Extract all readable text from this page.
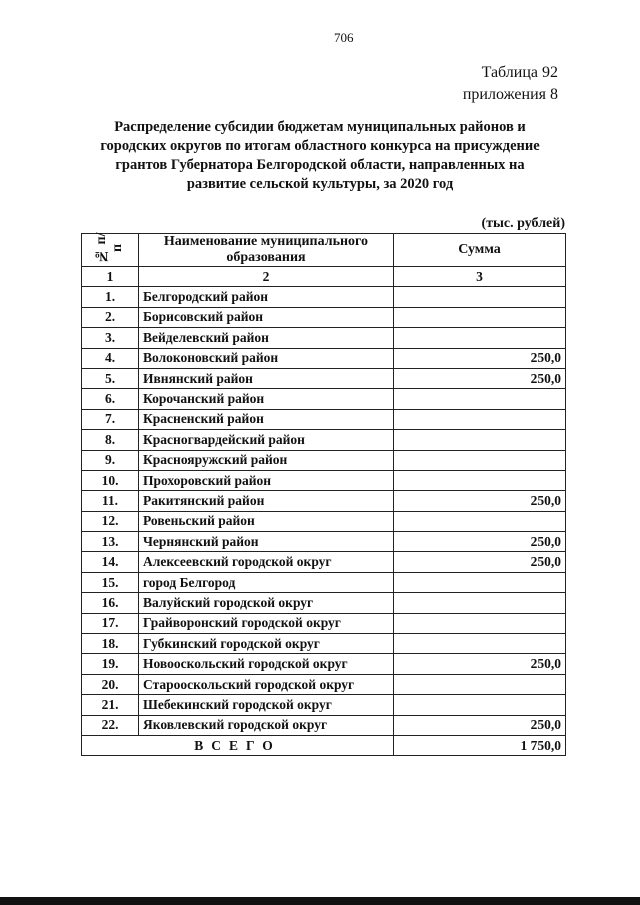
706
Таблица 92
приложения 8
Распределение субсидии бюджетам муниципальных районов и городских округов по итогам областного конкурса на присуждение грантов Губернатора Белгородской области, направленных на развитие сельской культуры, за 2020 год
(тыс. рублей)
№ п/п	Наименование муниципального образования	Сумма
1	2	3
1.	Белгородский район	
2.	Борисовский район	
3.	Вейделевский район	
4.	Волоконовский район	250,0
5.	Ивнянский район	250,0
6.	Корочанский район	
7.	Красненский район	
8.	Красногвардейский район	
9.	Краснояружский район	
10.	Прохоровский район	
11.	Ракитянский район	250,0
12.	Ровеньский район	
13.	Чернянский район	250,0
14.	Алексеевский городской округ	250,0
15.	город Белгород	
16.	Валуйский городской округ	
17.	Грайворонский городской округ	
18.	Губкинский городской округ	
19.	Новооскольский городской округ	250,0
20.	Старооскольский городской округ	
21.	Шебекинский городской округ	
22.	Яковлевский городской округ	250,0
ВСЕГО		1 750,0
